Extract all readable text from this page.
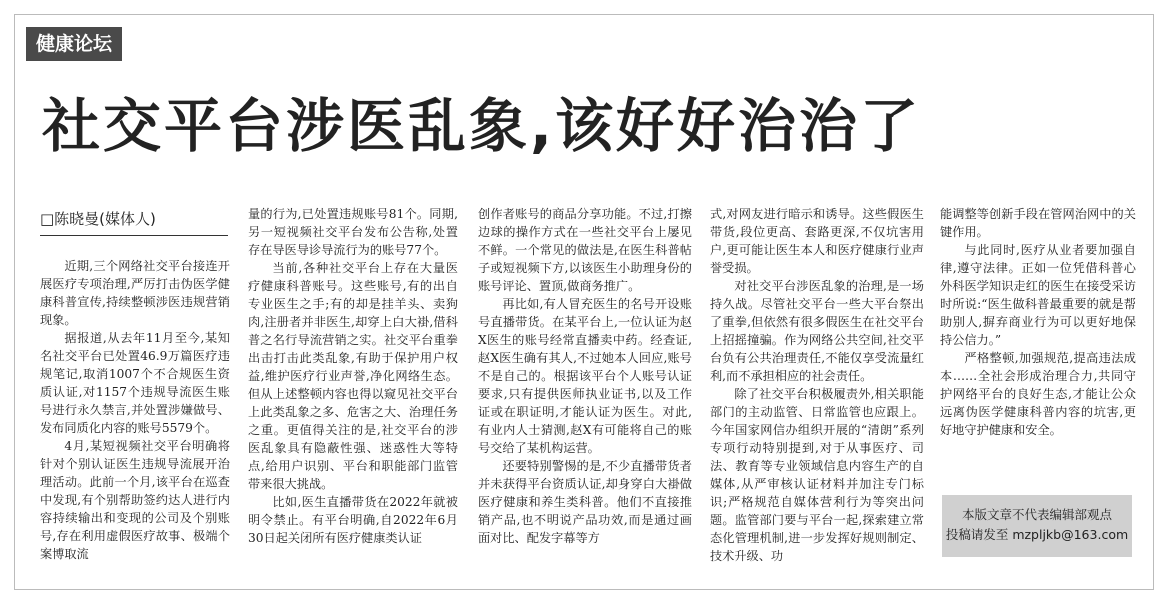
健康论坛
社交平台涉医乱象,该好好治治了
□陈晓曼(媒体人)

近期,三个网络社交平台接连开展医疗专项治理,严厉打击伪医学健康科普宣传,持续整顿涉医违规营销现象。

据报道,从去年11月至今,某知名社交平台已处置46.9万篇医疗违规笔记,取消1007个不合规医生资质认证,对1157个违规导流医生账号进行永久禁言,并处置涉嫌做号、发布同质化内容的账号5579个。

4月,某短视频社交平台明确将针对个别认证医生违规导流展开治理活动。此前一个月,该平台在巡查中发现,有个别帮助签约达人进行内容持续输出和变现的公司及个别账号,存在利用虚假医疗故事、极端个案博取流

量的行为,已处置违规账号81个。同期,另一短视频社交平台发布公告称,处置存在导医导诊导流行为的账号77个。

当前,各种社交平台上存在大量医疗健康科普账号。这些账号,有的出自专业医生之手;有的却是挂羊头、卖狗肉,注册者并非医生,却穿上白大褂,借科普之名行导流营销之实。社交平台重拳出击打击此类乱象,有助于保护用户权益,维护医疗行业声誉,净化网络生态。但从上述整顿内容也得以窥见社交平台上此类乱象之多、危害之大、治理任务之重。更值得关注的是,社交平台的涉医乱象具有隐蔽性强、迷惑性大等特点,给用户识别、平台和职能部门监管带来很大挑战。

比如,医生直播带货在2022年就被明令禁止。有平台明确,自2022年6月30日起关闭所有医疗健康类认证

创作者账号的商品分享功能。不过,打擦边球的操作方式在一些社交平台上屡见不鲜。一个常见的做法是,在医生科普帖子或短视频下方,以该医生小助理身份的账号评论、置顶,做商务推广。

再比如,有人冒充医生的名号开设账号直播带货。在某平台上,一位认证为赵X医生的账号经常直播卖中药。经查证,赵X医生确有其人,不过她本人回应,账号不是自己的。根据该平台个人账号认证要求,只有提供医师执业证书,以及工作证或在职证明,才能认证为医生。对此,有业内人士猜测,赵X有可能将自己的账号交给了某机构运营。

还要特别警惕的是,不少直播带货者并未获得平台资质认证,却身穿白大褂做医疗健康和养生类科普。他们不直接推销产品,也不明说产品功效,而是通过画面对比、配发字幕等方

式,对网友进行暗示和诱导。这些假医生带货,段位更高、套路更深,不仅坑害用户,更可能让医生本人和医疗健康行业声誉受损。

对社交平台涉医乱象的治理,是一场持久战。尽管社交平台一些大平台祭出了重拳,但依然有很多假医生在社交平台上招摇撞骗。作为网络公共空间,社交平台负有公共治理责任,不能仅享受流量红利,而不承担相应的社会责任。

除了社交平台积极履责外,相关职能部门的主动监管、日常监管也应跟上。今年国家网信办组织开展的“清朗”系列专项行动特别提到,对于从事医疗、司法、教育等专业领域信息内容生产的自媒体,从严审核认证材料并加注专门标识;严格规范自媒体营利行为等突出问题。监管部门要与平台一起,探索建立常态化管理机制,进一步发挥好规则制定、技术升级、功

能调整等创新手段在管网治网中的关键作用。

与此同时,医疗从业者要加强自律,遵守法律。正如一位凭借科普心外科医学知识走红的医生在接受采访时所说:“医生做科普最重要的就是帮助别人,摒弃商业行为可以更好地保持公信力。”

严格整顿,加强规范,提高违法成本……全社会形成治理合力,共同守护网络平台的良好生态,才能让公众远离伪医学健康科普内容的坑害,更好地守护健康和安全。

本版文章不代表编辑部观点
投稿请发至 mzpljkb@163.com
